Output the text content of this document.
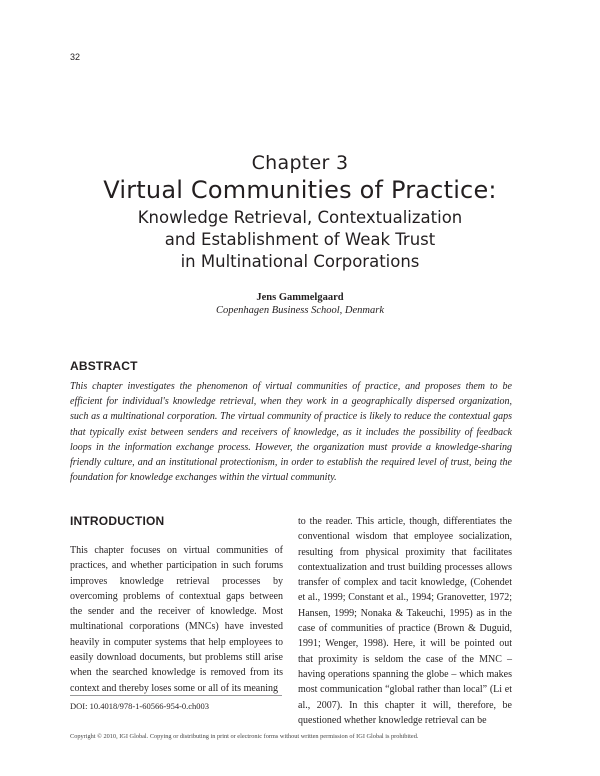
32
Chapter 3
Virtual Communities of Practice:
Knowledge Retrieval, Contextualization
and Establishment of Weak Trust
in Multinational Corporations
Jens Gammelgaard
Copenhagen Business School, Denmark
ABSTRACT

This chapter investigates the phenomenon of virtual communities of practice, and proposes them to be efficient for individual's knowledge retrieval, when they work in a geographically dispersed organization, such as a multinational corporation. The virtual community of practice is likely to reduce the contextual gaps that typically exist between senders and receivers of knowledge, as it includes the possibility of feedback loops in the information exchange process. However, the organization must provide a knowledge-sharing friendly culture, and an institutional protectionism, in order to establish the required level of trust, being the foundation for knowledge exchanges within the virtual community.

INTRODUCTION

This chapter focuses on virtual communities of practices, and whether participation in such forums improves knowledge retrieval processes by overcoming problems of contextual gaps between the sender and the receiver of knowledge. Most multinational corporations (MNCs) have invested heavily in computer systems that help employees to easily download documents, but problems still arise when the searched knowledge is removed from its context and thereby loses some or all of its meaning

to the reader. This article, though, differentiates the conventional wisdom that employee socialization, resulting from physical proximity that facilitates contextualization and trust building processes allows transfer of complex and tacit knowledge, (Cohendet et al., 1999; Constant et al., 1994; Granovetter, 1972; Hansen, 1999; Nonaka & Takeuchi, 1995) as in the case of communities of practice (Brown & Duguid, 1991; Wenger, 1998). Here, it will be pointed out that proximity is seldom the case of the MNC – having operations spanning the globe – which makes most communication “global rather than local” (Li et al., 2007). In this chapter it will, therefore, be questioned whether knowledge retrieval can be

DOI: 10.4018/978-1-60566-954-0.ch003
Copyright © 2010, IGI Global. Copying or distributing in print or electronic forms without written permission of IGI Global is prohibited.
